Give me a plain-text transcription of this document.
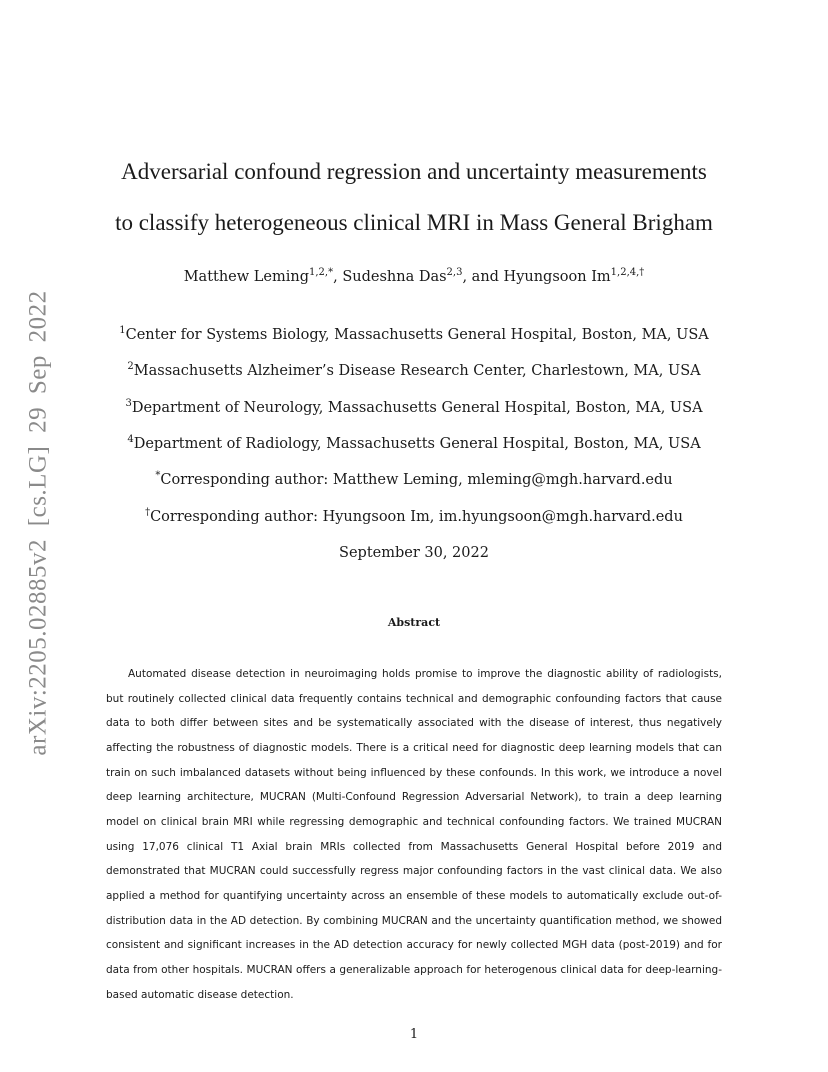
arXiv:2205.02885v2 [cs.LG] 29 Sep 2022
Adversarial confound regression and uncertainty measurements
to classify heterogeneous clinical MRI in Mass General Brigham
Matthew Leming$^{1,2,*}$, Sudeshna Das$^{2,3}$, and Hyungsoon $Im^{1,2,4,\dagger}$
$^1$Center for Systems Biology, Massachusetts General Hospital, Boston, MA, USA
$^2$Massachusetts Alzheimer’s Disease Research Center, Charlestown, MA, USA
$^3$Department of Neurology, Massachusetts General Hospital, Boston, MA, USA
$^4$Department of Radiology, Massachusetts General Hospital, Boston, MA, USA
*Corresponding author: Matthew Leming, mleming@mgh.harvard.edu
†Corresponding author: Hyungsoon Im, im.hyungsoon@mgh.harvard.edu
September 30, 2022
Abstract

Automated disease detection in neuroimaging holds promise to improve the diagnostic ability of radiologists, but routinely collected clinical data frequently contains technical and demographic confounding factors that cause data to both differ between sites and be systematically associated with the disease of interest, thus negatively affecting the robustness of diagnostic models. There is a critical need for diagnostic deep learning models that can train on such imbalanced datasets without being influenced by these confounds. In this work, we introduce a novel deep learning architecture, MUCRAN (Multi-Confound Regression Adversarial Network), to train a deep learning model on clinical brain MRI while regressing demographic and technical confounding factors. We trained MUCRAN using 17,076 clinical T1 Axial brain MRIs collected from Massachusetts General Hospital before 2019 and demonstrated that MUCRAN could successfully regress major confounding factors in the vast clinical data. We also applied a method for quantifying uncertainty across an ensemble of these models to automatically exclude out-of-distribution data in the AD detection. By combining MUCRAN and the uncertainty quantification method, we showed consistent and significant increases in the AD detection accuracy for newly collected MGH data (post-2019) and for data from other hospitals. MUCRAN offers a generalizable approach for heterogenous clinical data for deep-learning-based automatic disease detection.

1
